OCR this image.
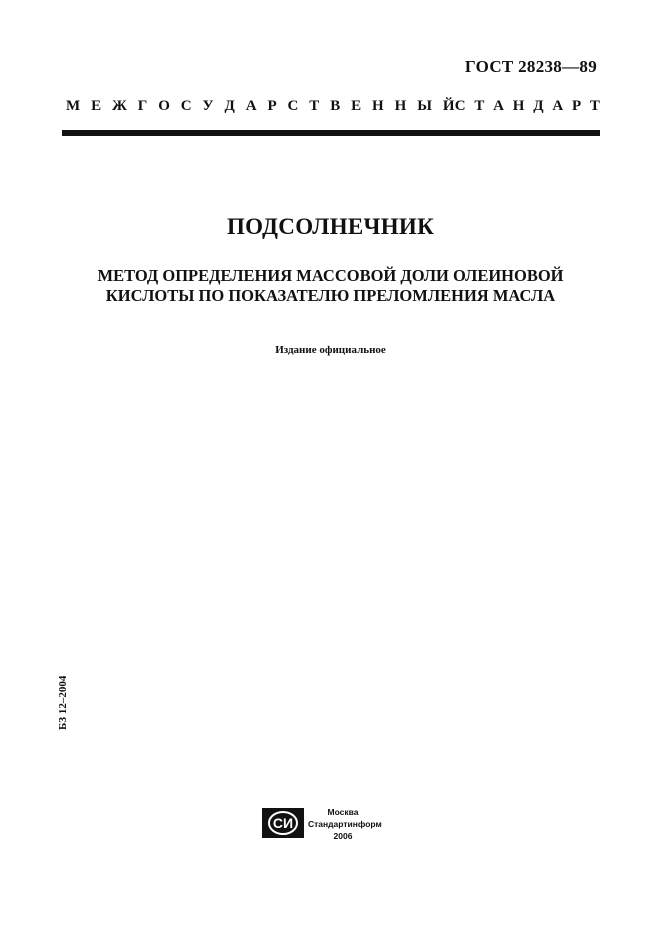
ГОСТ 28238—89
М Е Ж Г О С У Д А Р С Т В Е Н Н Ы Й С Т А Н Д А Р Т
ПОДСОЛНЕЧНИК
МЕТОД ОПРЕДЕЛЕНИЯ МАССОВОЙ ДОЛИ ОЛЕИНОВОЙ
КИСЛОТЫ ПО ПОКАЗАТЕЛЮ ПРЕЛОМЛЕНИЯ МАСЛА
Издание официальное
БЗ 12–2004
СИ
Москва
Стандартинформ
2006
